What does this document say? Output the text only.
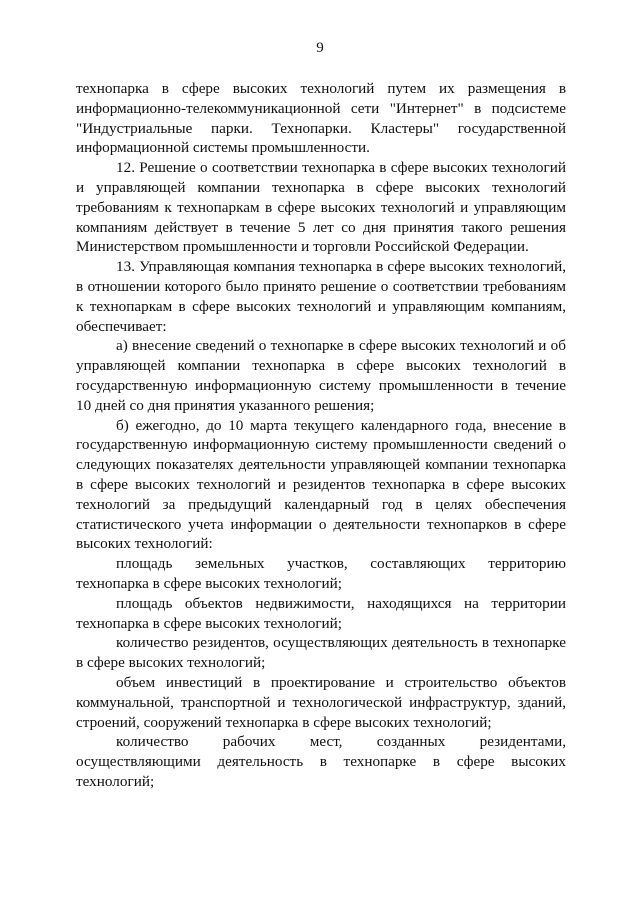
9

технопарка в сфере высоких технологий путем их размещения в информационно-телекоммуникационной сети "Интернет" в подсистеме "Индустриальные парки. Технопарки. Кластеры" государственной информационной системы промышленности.

12. Решение о соответствии технопарка в сфере высоких технологий и управляющей компании технопарка в сфере высоких технологий требованиям к технопаркам в сфере высоких технологий и управляющим компаниям действует в течение 5 лет со дня принятия такого решения Министерством промышленности и торговли Российской Федерации.

13. Управляющая компания технопарка в сфере высоких технологий, в отношении которого было принято решение о соответствии требованиям к технопаркам в сфере высоких технологий и управляющим компаниям, обеспечивает:

а) внесение сведений о технопарке в сфере высоких технологий и об управляющей компании технопарка в сфере высоких технологий в государственную информационную систему промышленности в течение 10 дней со дня принятия указанного решения;

б) ежегодно, до 10 марта текущего календарного года, внесение в государственную информационную систему промышленности сведений о следующих показателях деятельности управляющей компании технопарка в сфере высоких технологий и резидентов технопарка в сфере высоких технологий за предыдущий календарный год в целях обеспечения статистического учета информации о деятельности технопарков в сфере высоких технологий:

площадь земельных участков, составляющих территорию технопарка в сфере высоких технологий;

площадь объектов недвижимости, находящихся на территории технопарка в сфере высоких технологий;

количество резидентов, осуществляющих деятельность в технопарке в сфере высоких технологий;

объем инвестиций в проектирование и строительство объектов коммунальной, транспортной и технологической инфраструктур, зданий, строений, сооружений технопарка в сфере высоких технологий;

количество рабочих мест, созданных резидентами, осуществляющими деятельность в технопарке в сфере высоких технологий;
